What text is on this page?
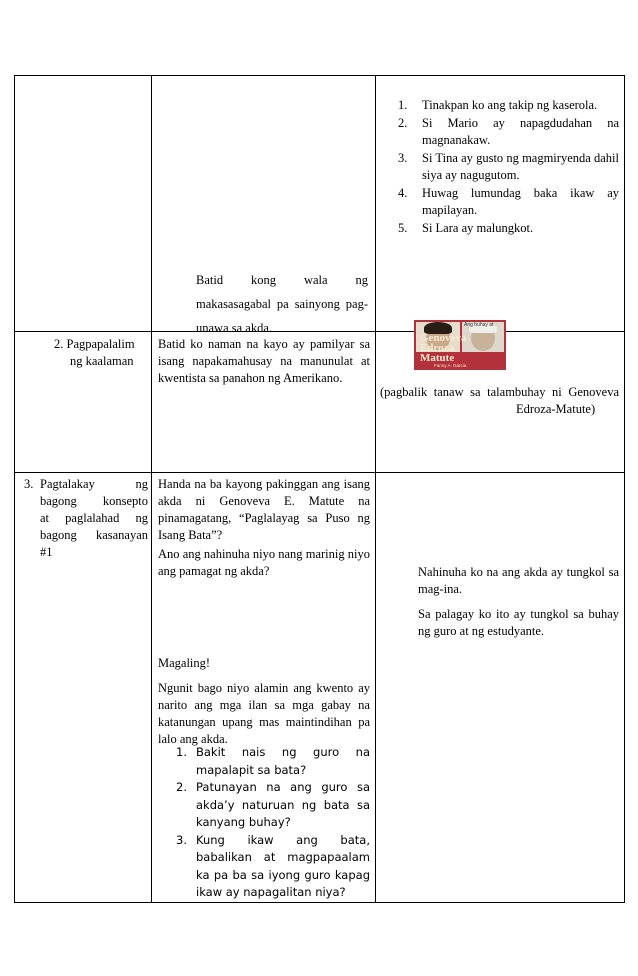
Batid kong wala ng
makasasagabal pa sainyong pag-
unawa sa akda.
1. Tinakpan ko ang takip ng kaserola.
2. Si Mario ay napagdudahan na
magnanakaw.
3. Si Tina ay gusto ng magmiryenda dahil
siya ay nagugutom.
4. Huwag lumundag baka ikaw ay
mapilayan.
5. Si Lara ay malungkot.
2. Pagpapalalim
ng kaalaman
Batid ko naman na kayo ay pamilyar sa isang napakamahusay na manunulat at kwentista sa panahon ng Amerikano.
(pagbalik tanaw sa talambuhay ni Genoveva
Edroza-Matute)
Ang buhay at
Genoveva
Edroza
Matute
Fanny A. Garcia
3. Pagtalakay ng
bagong konsepto
at paglalahad ng
bagong kasanayan
#1
Handa na ba kayong pakinggan ang isang akda ni Genoveva E. Matute na pinamagatang, “Paglalayag sa Puso ng Isang Bata”?
Ano ang nahinuha niyo nang marinig niyo ang pamagat ng akda?
Magaling!
Ngunit bago niyo alamin ang kwento ay narito ang mga ilan sa mga gabay na katanungan upang mas maintindihan pa lalo ang akda.
1. Bakit nais ng guro na mapalapit sa bata?
2. Patunayan na ang guro sa akda’y naturuan ng bata sa kanyang buhay?
3. Kung ikaw ang bata, babalikan at magpapaalam ka pa ba sa iyong guro kapag ikaw ay napagalitan niya?
Nahinuha ko na ang akda ay tungkol sa mag-ina.
Sa palagay ko ito ay tungkol sa buhay ng guro at ng estudyante.
